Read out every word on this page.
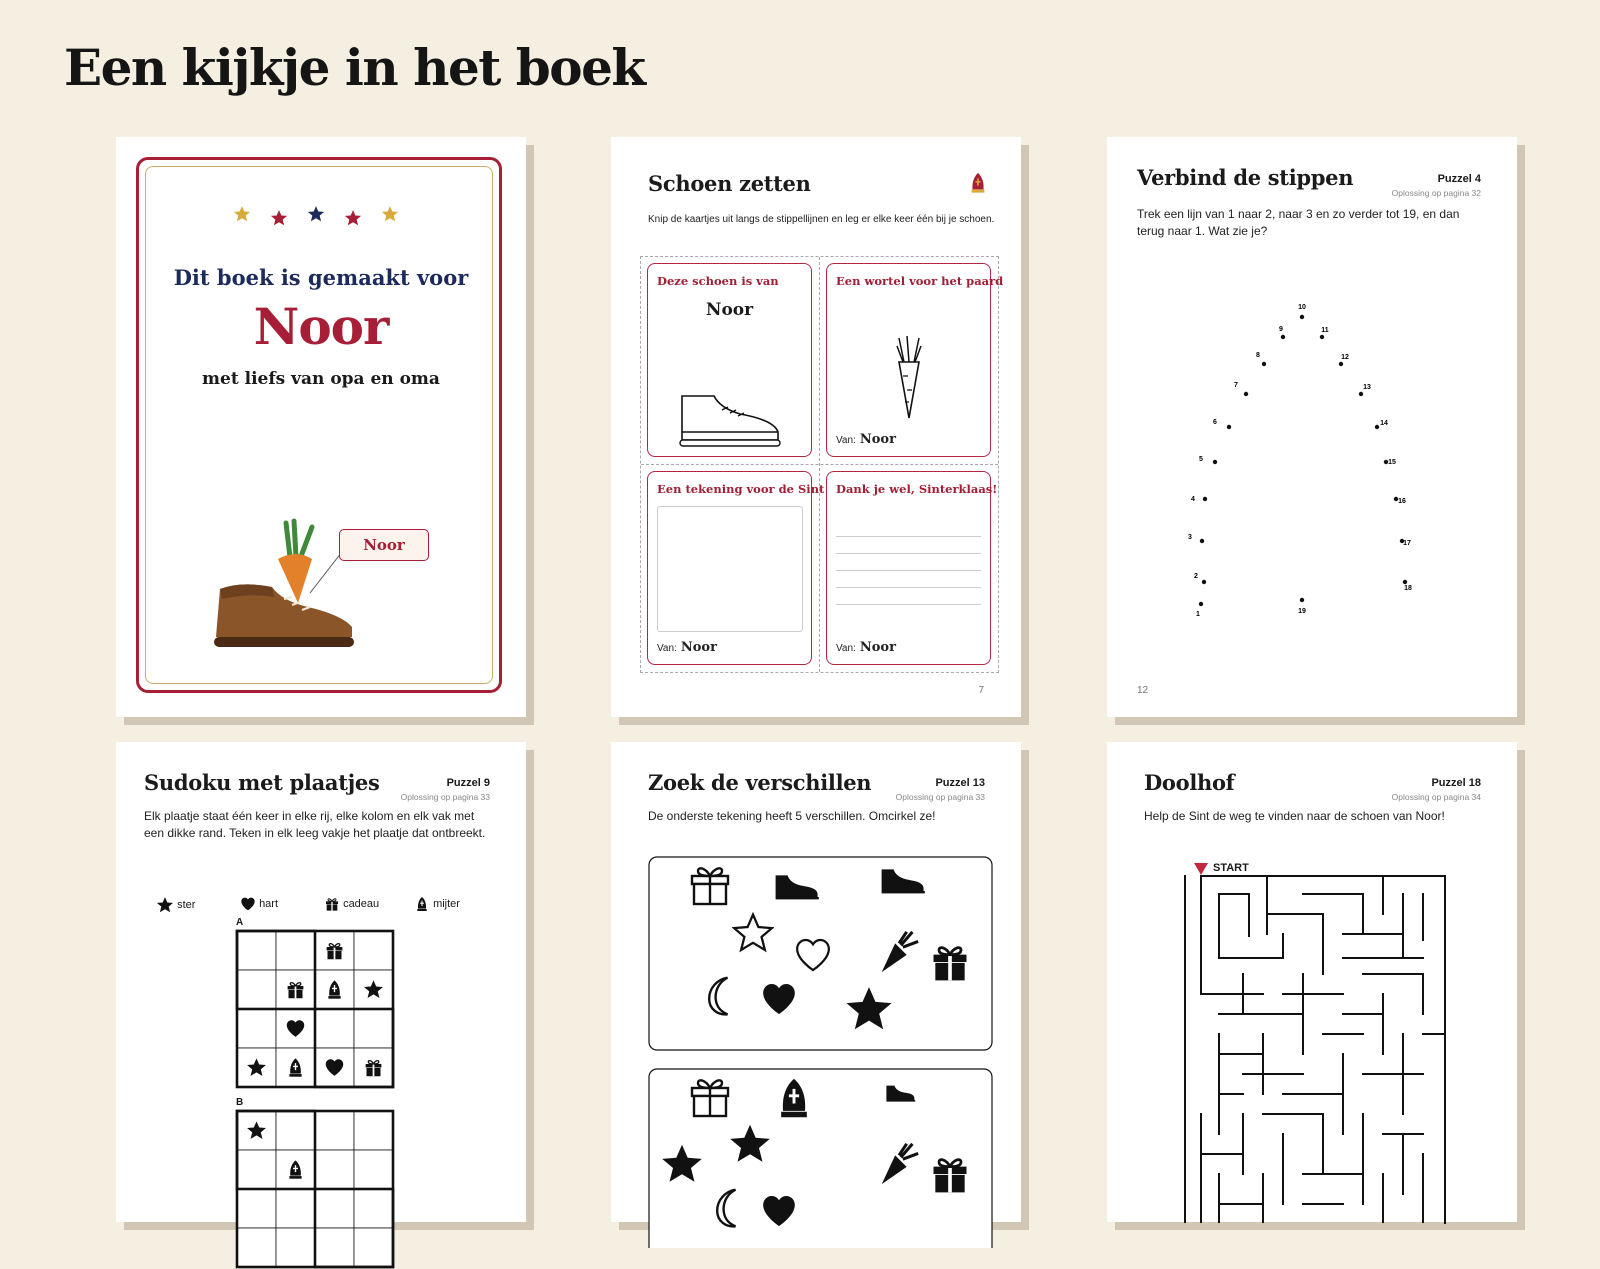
Een kijkje in het boek
Dit boek is gemaakt voor
Noor
met liefs van opa en oma
Noor
Schoen zetten
Knip de kaartjes uit langs de stippellijnen en leg er elke keer één bij je schoen.
Deze schoen is van
Noor
Een wortel voor het paard
Van: Noor
Een tekening voor de Sint
Van: Noor
Dank je wel, Sinterklaas!
Van: Noor
7
Verbind de stippen	Puzzel 4
Oplossing op pagina 32
Trek een lijn van 1 naar 2, naar 3 en zo verder tot 19, en dan terug naar 1. Wat zie je?
1
2
3
4
5
6
7
8
9
10
11
12
13
14
15
16
17
18
19
12
Sudoku met plaatjes	Puzzel 9
Oplossing op pagina 33
Elk plaatje staat één keer in elke rij, elke kolom en elk vak met een dikke rand. Teken in elk leeg vakje het plaatje dat ontbreekt.
ster	hart	cadeau	mijter
A
B
Zoek de verschillen	Puzzel 13
Oplossing op pagina 33
De onderste tekening heeft 5 verschillen. Omcirkel ze!
Doolhof	Puzzel 18
Oplossing op pagina 34
Help de Sint de weg te vinden naar de schoen van Noor!
START
